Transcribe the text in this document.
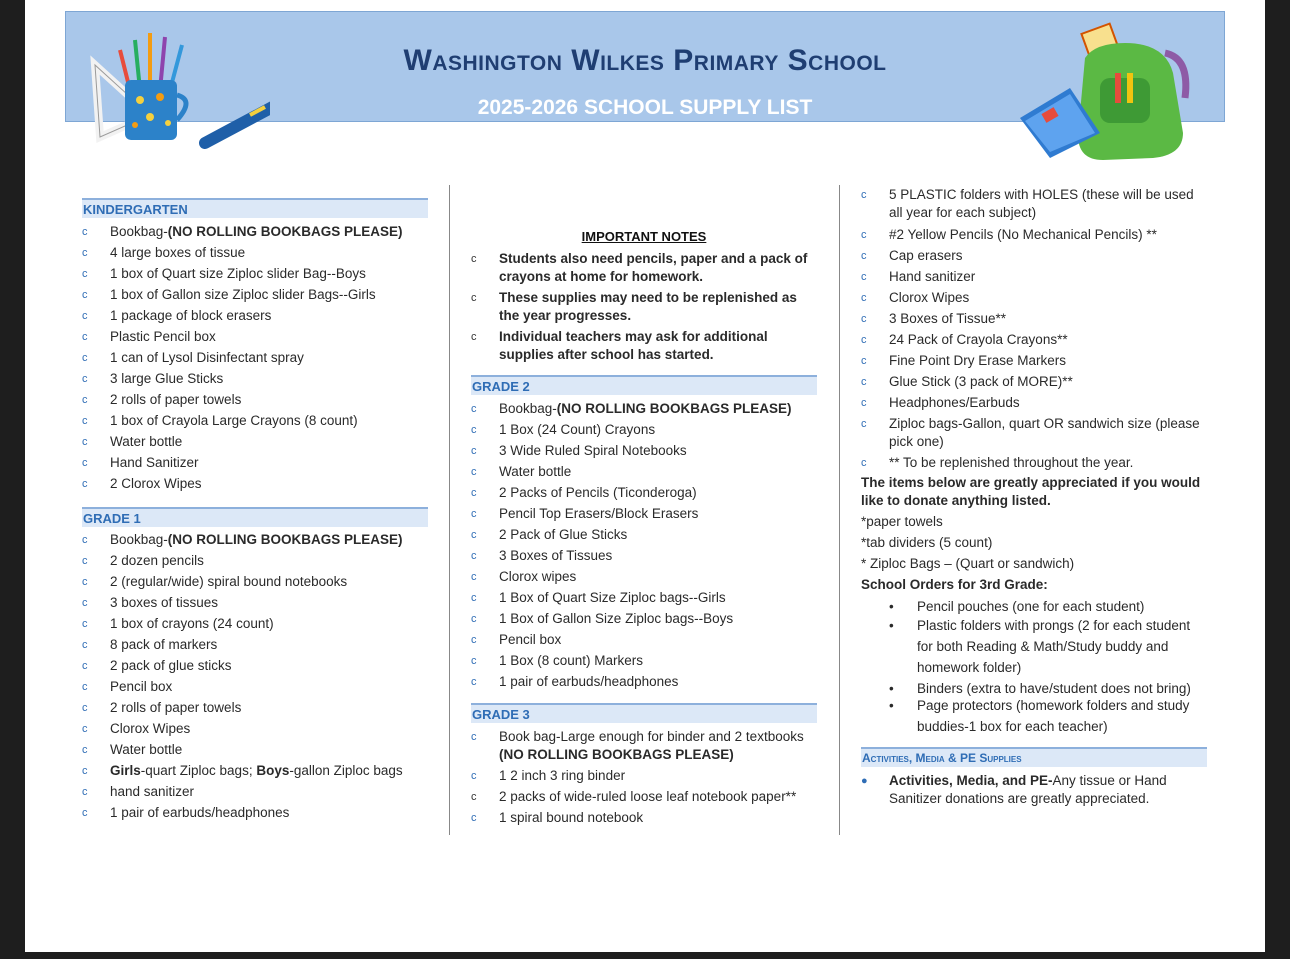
Washington Wilkes Primary School
2025-2026 SCHOOL SUPPLY LIST
KINDERGARTEN
c	Bookbag-(NO ROLLING BOOKBAGS PLEASE)
c	4 large boxes of tissue
c	1 box of Quart size Ziploc slider Bag--Boys
c	1 box of Gallon size Ziploc slider Bags--Girls
c	1 package of block erasers
c	Plastic Pencil box
c	1 can of Lysol Disinfectant spray
c	3 large Glue Sticks
c	2 rolls of paper towels
c	1 box of Crayola Large Crayons (8 count)
c	Water bottle
c	Hand Sanitizer
c	2 Clorox Wipes
GRADE 1
c	Bookbag-(NO ROLLING BOOKBAGS PLEASE)
c	2 dozen pencils
c	2 (regular/wide) spiral bound notebooks
c	3 boxes of tissues
c	1 box of crayons (24 count)
c	8 pack of markers
c	2 pack of glue sticks
c	Pencil box
c	2 rolls of paper towels
c	Clorox Wipes
c	Water bottle
c	Girls-quart Ziploc bags; Boys-gallon Ziploc bags
c	hand sanitizer
c	1 pair of earbuds/headphones
IMPORTANT NOTES
c	Students also need pencils, paper and a pack of crayons at home for homework.
c	These supplies may need to be replenished as the year progresses.
c	Individual teachers may ask for additional supplies after school has started.
GRADE 2
c	Bookbag-(NO ROLLING BOOKBAGS PLEASE)
c	1 Box (24 Count) Crayons
c	3 Wide Ruled Spiral Notebooks
c	Water bottle
c	2 Packs of Pencils (Ticonderoga)
c	Pencil Top Erasers/Block Erasers
c	2 Pack of Glue Sticks
c	3 Boxes of Tissues
c	Clorox wipes
c	1 Box of Quart Size Ziploc bags--Girls
c	1 Box of Gallon Size Ziploc bags--Boys
c	Pencil box
c	1 Box (8 count) Markers
c	1 pair of earbuds/headphones
GRADE 3
c	Book bag-Large enough for binder and 2 textbooks
(NO ROLLING BOOKBAGS PLEASE)
c	1 2 inch 3 ring binder
c	2 packs of wide-ruled loose leaf notebook paper**
c	1 spiral bound notebook
c	5 PLASTIC folders with HOLES (these will be used all year for each subject)
c	#2 Yellow Pencils (No Mechanical Pencils) **
c	Cap erasers
c	Hand sanitizer
c	Clorox Wipes
c	3 Boxes of Tissue**
c	24 Pack of Crayola Crayons**
c	Fine Point Dry Erase Markers
c	Glue Stick (3 pack of MORE)**
c	Headphones/Earbuds
c	Ziploc bags-Gallon, quart OR sandwich size (please pick one)
c	** To be replenished throughout the year.
The items below are greatly appreciated if you would like to donate anything listed.
*paper towels
*tab dividers (5 count)
* Ziploc Bags – (Quart or sandwich)
School Orders for 3rd Grade:
• Pencil pouches (one for each student)
• Plastic folders with prongs (2 for each student for both Reading & Math/Study buddy and homework folder)
• Binders (extra to have/student does not bring)
• Page protectors (homework folders and study buddies-1 box for each teacher)
Activities, Media & PE Supplies
●	Activities, Media, and PE-Any tissue or Hand Sanitizer donations are greatly appreciated.
